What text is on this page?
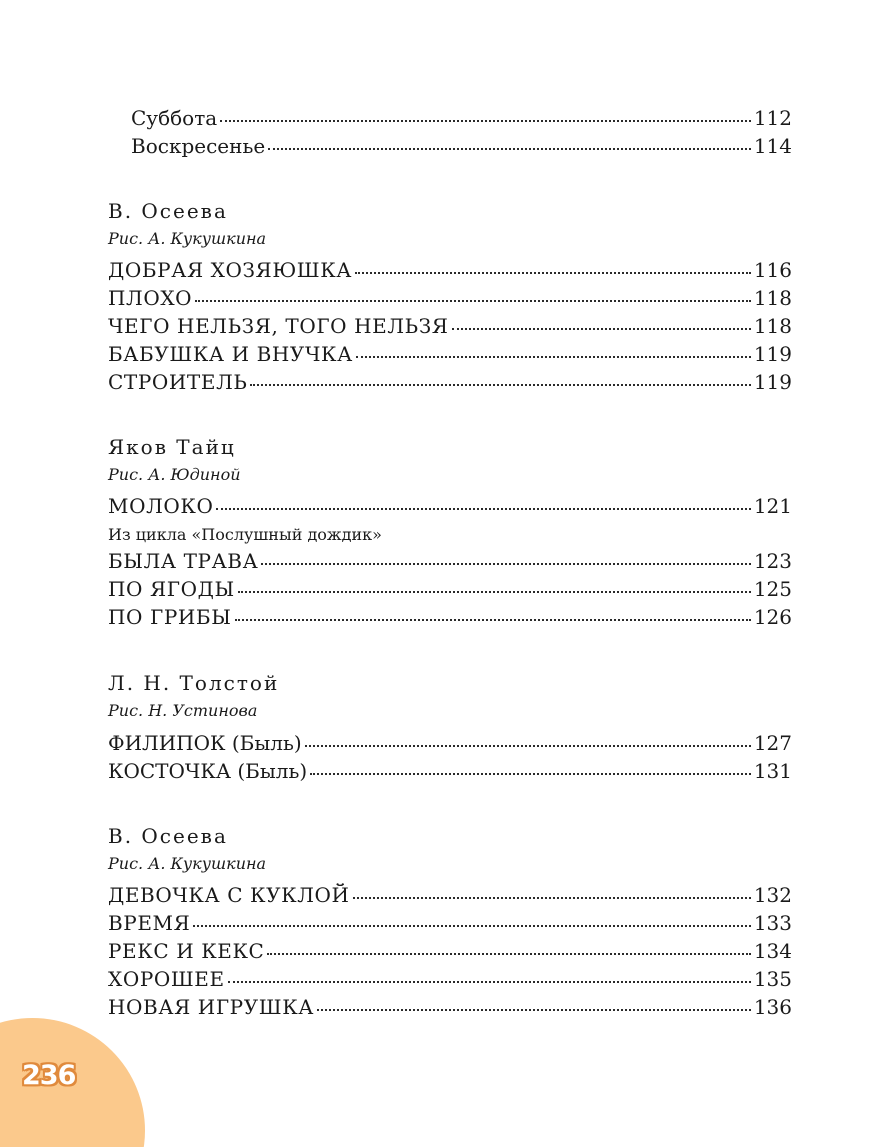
Суббота	112
Воскресенье	114
В. Осеева
Рис. А. Кукушкина
ДОБРАЯ ХОЗЯЮШКА	116
ПЛОХО	118
ЧЕГО НЕЛЬЗЯ, ТОГО НЕЛЬЗЯ	118
БАБУШКА И ВНУЧКА	119
СТРОИТЕЛЬ	119
Яков Тайц
Рис. А. Юдиной
МОЛОКО	121
Из цикла «Послушный дождик»
БЫЛА ТРАВА	123
ПО ЯГОДЫ	125
ПО ГРИБЫ	126
Л. Н. Толстой
Рис. Н. Устинова
ФИЛИПОК (Быль)	127
КОСТОЧКА (Быль)	131
В. Осеева
Рис. А. Кукушкина
ДЕВОЧКА С КУКЛОЙ	132
ВРЕМЯ	133
РЕКС И КЕКС	134
ХОРОШЕЕ	135
НОВАЯ ИГРУШКА	136
236
